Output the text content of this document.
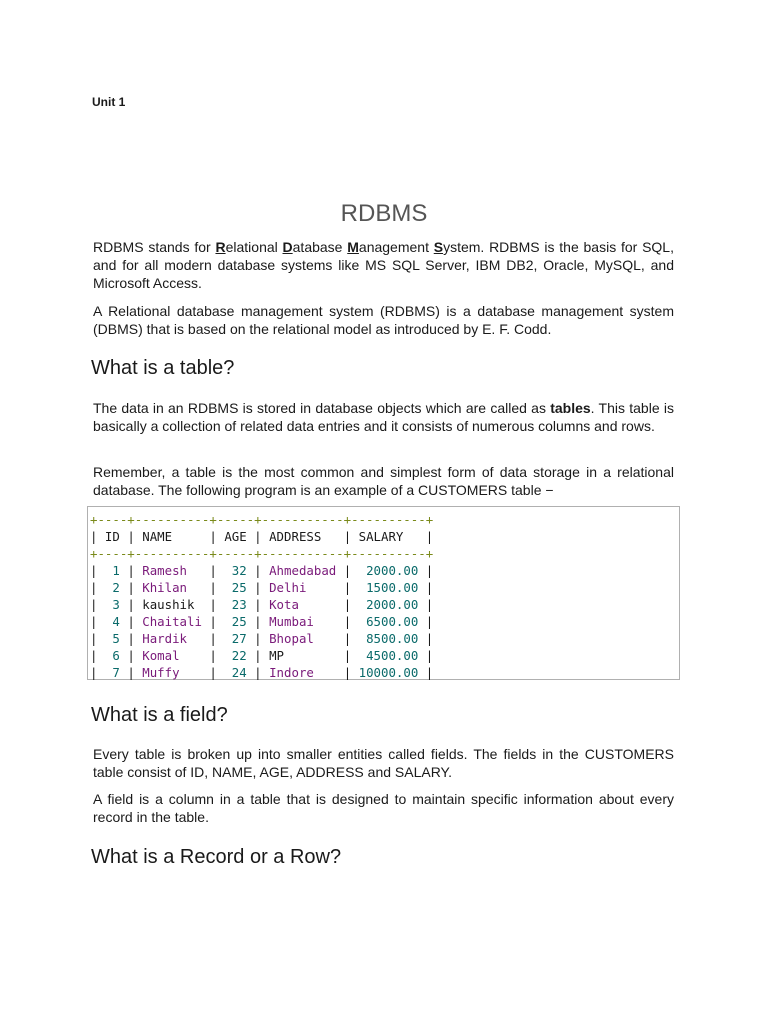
Unit 1
RDBMS

RDBMS stands for Relational Database Management System. RDBMS is the basis for SQL, and for all modern database systems like MS SQL Server, IBM DB2, Oracle, MySQL, and Microsoft Access.

A Relational database management system (RDBMS) is a database management system (DBMS) that is based on the relational model as introduced by E. F. Codd.

What is a table?

The data in an RDBMS is stored in database objects which are called as tables. This table is basically a collection of related data entries and it consists of numerous columns and rows.

Remember, a table is the most common and simplest form of data storage in a relational database. The following program is an example of a CUSTOMERS table −

+----+----------+-----+-----------+----------+
| ID | NAME     | AGE | ADDRESS   | SALARY   |
+----+----------+-----+-----------+----------+
|  1 | Ramesh   |  32 | Ahmedabad |  2000.00 |
|  2 | Khilan   |  25 | Delhi     |  1500.00 |
|  3 | kaushik  |  23 | Kota      |  2000.00 |
|  4 | Chaitali |  25 | Mumbai    |  6500.00 |
|  5 | Hardik   |  27 | Bhopal    |  8500.00 |
|  6 | Komal    |  22 | MP        |  4500.00 |
|  7 | Muffy    |  24 | Indore    | 10000.00 |

What is a field?

Every table is broken up into smaller entities called fields. The fields in the CUSTOMERS table consist of ID, NAME, AGE, ADDRESS and SALARY.

A field is a column in a table that is designed to maintain specific information about every record in the table.

What is a Record or a Row?
